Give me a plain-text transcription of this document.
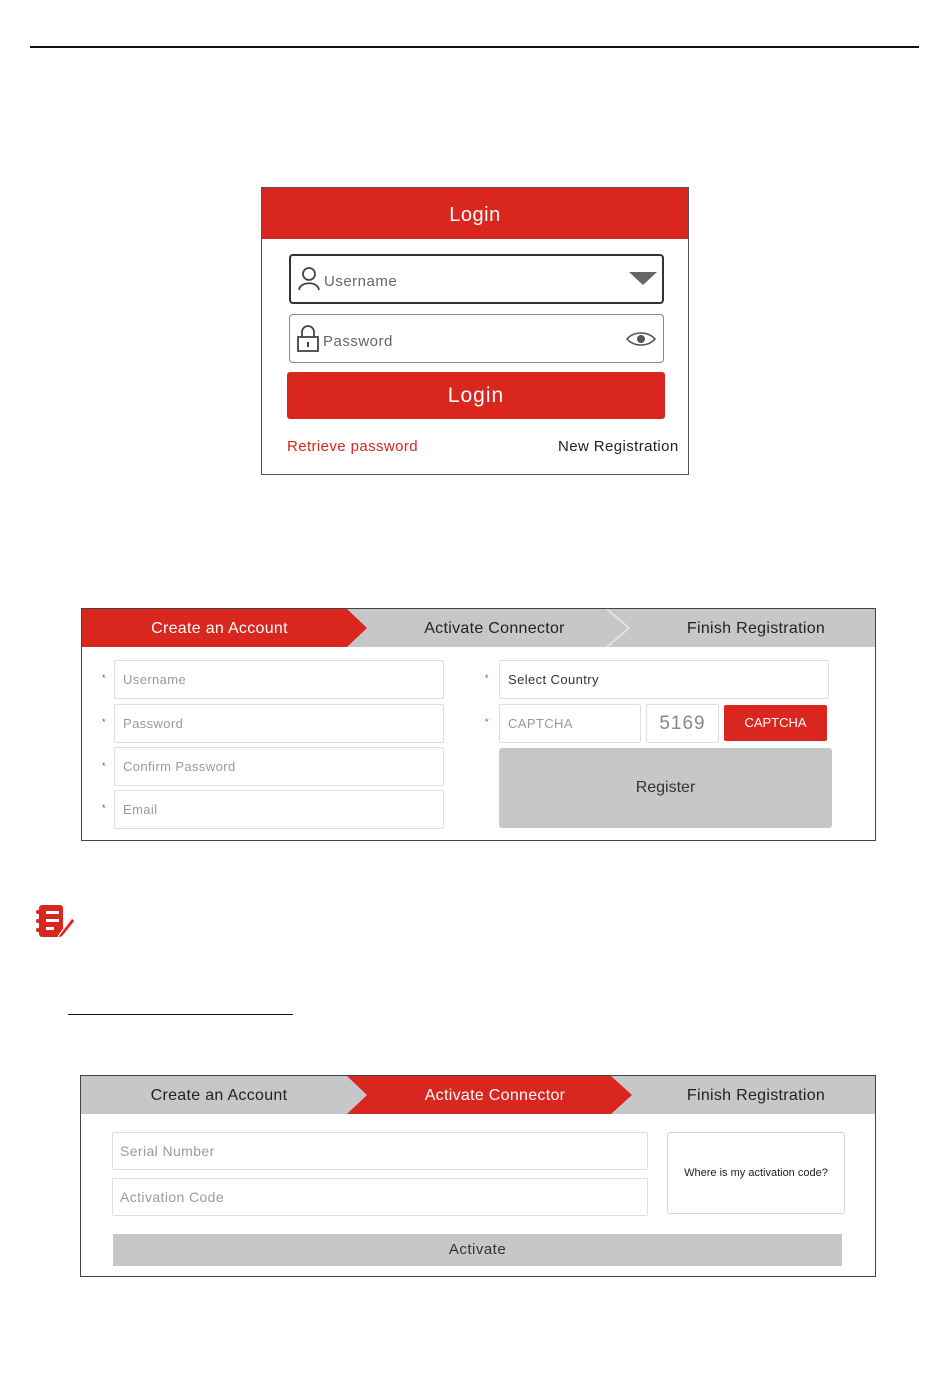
Login
Username
Password
Login
Retrieve password	New Registration
Create an Account	Activate Connector	Finish Registration
* Username
* Password
* Confirm Password
* Email
* Select Country
* CAPTCHA	5169	CAPTCHA
Register
Create an Account	Activate Connector	Finish Registration
Serial Number
Activation Code
Where is my activation code?
Activate
